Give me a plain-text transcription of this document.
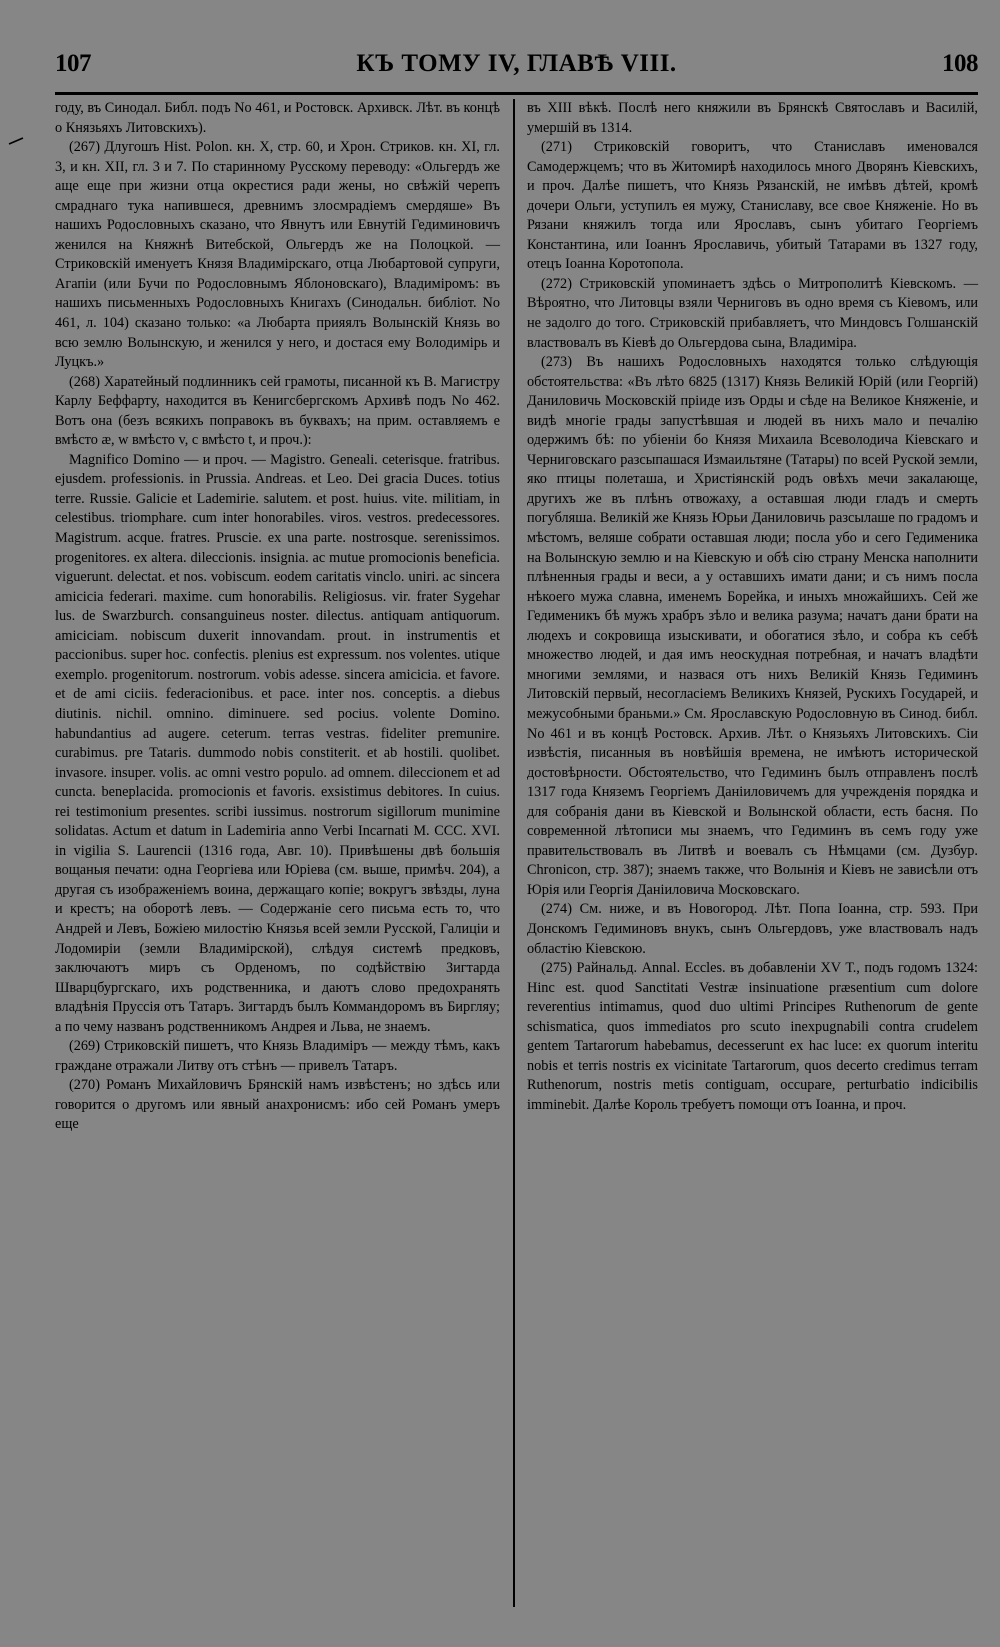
107	КЪ ТОМУ IV, ГЛАВѢ VIII.	108

году, въ Синодал. Библ. подъ No 461, и Ростовск. Архивск. Лѣт. въ концѣ о Князьяхъ Литовскихъ).

(267) Длугошъ Hist. Polon. кн. X, стр. 60, и Хрон. Стриков. кн. XI, гл. 3, и кн. XII, гл. 3 и 7. По старинному Русскому переводу: «Ольгердъ же аще еще при жизни отца окрестися ради жены, но свѣжій черепъ смраднаго тука напившеся, древнимъ злосмрадіемъ смердяше» Въ нашихъ Родословныхъ сказано, что Явнутъ или Евнутій Гедиминовичъ женился на Княжнѣ Витебской, Ольгердъ же на Полоцкой. — Стриковскій именуетъ Князя Владимірскаго, отца Любартовой супруги, Агапіи (или Бучи по Родословнымъ Яблоновскаго), Владиміромъ: въ нашихъ письменныхъ Родословныхъ Книгахъ (Синодальн. библіот. No 461, л. 104) сказано только: «а Любарта прияялъ Волынскій Князь во всю землю Волынскую, и женился у него, и достася ему Володимірь и Луцкъ.»

(268) Харатейный подлинникъ сей грамоты, писанной къ В. Магистру Карлу Беффарту, находится въ Кенигсбергскомъ Архивѣ подъ No 462. Вотъ она (безъ всякихъ поправокъ въ буквахъ; на прим. оставляемъ е вмѣсто æ, w вмѣсто v, с вмѣсто t, и проч.):

Magnifico Domino — и проч. — Magistro. Geneali. ceterisque. fratribus. ejusdem. professionis. in Prussia. Andreas. et Leo. Dei gracia Duces. totius terre. Russie. Galicie et Lademirie. salutem. et post. huius. vite. militiam, in celestibus. triomphare. cum inter honorabiles. viros. vestros. predecessores. Magistrum. acque. fratres. Pruscie. ex una parte. nostrosque. serenissimos. progenitores. ex altera. dileccionis. insignia. ac mutue promocionis beneficia. viguerunt. delectat. et nos. vobiscum. eodem caritatis vinclo. uniri. ac sincera amicicia federari. maxime. cum honorabilis. Religiosus. vir. frater Sygehar lus. de Swarzburch. consanguineus noster. dilectus. antiquam antiquorum. amiciciam. nobiscum duxerit innovandam. prout. in instrumentis et paccionibus. super hoc. confectis. plenius est expressum. nos volentes. utique exemplo. progenitorum. nostrorum. vobis adesse. sincera amicicia. et favore. et de ami ciciis. federacionibus. et pace. inter nos. conceptis. a diebus diutinis. nichil. omnino. diminuere. sed pocius. volente Domino. habundantius ad augere. ceterum. terras vestras. fideliter premunire. curabimus. pre Tataris. dummodo nobis constiterit. et ab hostili. quolibet. invasore. insuper. volis. ac omni vestro populo. ad omnem. dileccionem et ad cuncta. beneplacida. promocionis et favoris. exsistimus debitores. In cuius. rei testimonium presentes. scribi iussimus. nostrorum sigillorum munimine solidatas. Actum et datum in Lademiria anno Verbi Incarnati M. CCC. XVI. in vigilia S. Laurencii (1316 года, Авг. 10). Привѣшены двѣ большія вощаныя печати: одна Георгіева или Юріева (см. выше, примѣч. 204), а другая съ изображеніемъ воина, держащаго копіе; вокругъ звѣзды, луна и крестъ; на оборотѣ левъ. — Содержаніе сего письма есть то, что Андрей и Левъ, Божіею милостію Князья всей земли Русской, Галиціи и Лодомиріи (земли Владимірской), слѣдуя системѣ предковъ, заключаютъ миръ съ Орденомъ, по содѣйствію Зигтарда Шварцбургскаго, ихъ родственника, и даютъ слово предохранять владѣнія Пруссія отъ Татаръ. Зигтардъ былъ Коммандоромъ въ Биргляу; а по чему названъ родственникомъ Андрея и Льва, не знаемъ.

(269) Стриковскій пишетъ, что Князь Владиміръ — между тѣмъ, какъ граждане отражали Литву отъ стѣнъ — привелъ Татаръ.

(270) Романъ Михайловичъ Брянскій намъ извѣстенъ; но здѣсь или говорится о другомъ или явный анахронисмъ: ибо сей Романъ умеръ еще

въ XIII вѣкѣ. Послѣ него княжили въ Брянскѣ Святославъ и Василій, умершій въ 1314.

(271) Стриковскій говоритъ, что Станиславъ именовался Самодержцемъ; что въ Житомирѣ находилось много Дворянъ Кіевскихъ, и проч. Далѣе пишетъ, что Князь Рязанскій, не имѣвъ дѣтей, кромѣ дочери Ольги, уступилъ ея мужу, Станиславу, все свое Княженіе. Но въ Рязани княжилъ тогда или Ярославъ, сынъ убитаго Георгіемъ Константина, или Іоаннъ Ярославичь, убитый Татарами въ 1327 году, отецъ Іоанна Коротопола.

(272) Стриковскій упоминаетъ здѣсь о Митрополитѣ Кіевскомъ. — Вѣроятно, что Литовцы взяли Черниговъ въ одно время съ Кіевомъ, или не задолго до того. Стриковскій прибавляетъ, что Миндовсъ Голшанскій властвовалъ въ Кіевѣ до Ольгердова сына, Владиміра.

(273) Въ нашихъ Родословныхъ находятся только слѣдующія обстоятельства: «Въ лѣто 6825 (1317) Князь Великій Юрій (или Георгій) Даниловичь Московскій пріиде изъ Орды и сѣде на Великое Княженіе, и видѣ многіе грады запустѣвшая и людей въ нихъ мало и печалію одержимъ бѣ: по убіеніи бо Князя Михаила Всеволодича Кіевскаго и Черниговскаго разсыпашася Измаильтяне (Татары) по всей Руской земли, яко птицы полеташа, и Христіянскій родъ овѣхъ мечи закалающе, другихъ же въ плѣнъ отвожаху, а оставшая люди гладъ и смерть погубляша. Великій же Князь Юрьи Даниловичь разсылаше по градомъ и мѣстомъ, веляше собрати оставшая люди; посла убо и сего Гедименика на Волынскую землю и на Кіевскую и обѣ сію страну Менска наполнити плѣненныя грады и веси, а у оставшихъ имати дани; и съ нимъ посла нѣкоего мужа славна, именемъ Борейка, и иныхъ множайшихъ. Сей же Гедименикъ бѣ мужъ храбръ зѣло и велика разума; начатъ дани брати на людехъ и сокровища изыскивати, и обогатися зѣло, и собра къ себѣ множество людей, и дая имъ неоскудная потребная, и начатъ владѣти многими землями, и назвася отъ нихъ Великій Князь Гедиминъ Литовскій первый, несоглаcіемъ Великихъ Князей, Рускихъ Государей, и межусобными браньми.» См. Ярославскую Родословную въ Синод. библ. No 461 и въ концѣ Ростовск. Архив. Лѣт. о Князьяхъ Литовскихъ. Сіи извѣстія, писанныя въ новѣйшія времена, не имѣютъ исторической достовѣрности. Обстоятельство, что Гедиминъ былъ отправленъ послѣ 1317 года Княземъ Георгіемъ Даніиловичемъ для учрежденія порядка и для собранія дани въ Кіевской и Волынской области, есть басня. По современной лѣтописи мы знаемъ, что Гедиминъ въ семъ году уже правительствовалъ въ Литвѣ и воевалъ съ Нѣмцами (см. Дузбур. Chronicon, стр. 387); знаемъ также, что Волынія и Кіевъ не зависѣли отъ Юрія или Георгія Даніиловича Московскаго.

(274) См. ниже, и въ Новогород. Лѣт. Попа Іоанна, стр. 593. При Донскомъ Гедиминовъ внукъ, сынъ Ольгердовъ, уже властвовалъ надъ областію Кіевскою.

(275) Райнальд. Annal. Eccles. въ добавленіи XV Т., подъ годомъ 1324: Hinc est. quod Sanctitati Vestræ insinuatione præsentium cum dolore reverentius intimamus, quod duo ultimi Principes Ruthenorum de gente schismatica, quos immediatos pro scuto inexpugnabili contra crudelem gentem Tartarorum habebamus, decesserunt ex hac luce: ex quorum interitu nobis et terris nostris ex vicinitate Tartarorum, quos decerto credimus terram Ruthenorum, nostris metis contiguam, occupare, perturbatio indicibilis imminebit. Далѣе Король требуетъ помощи отъ Іоанна, и проч.
